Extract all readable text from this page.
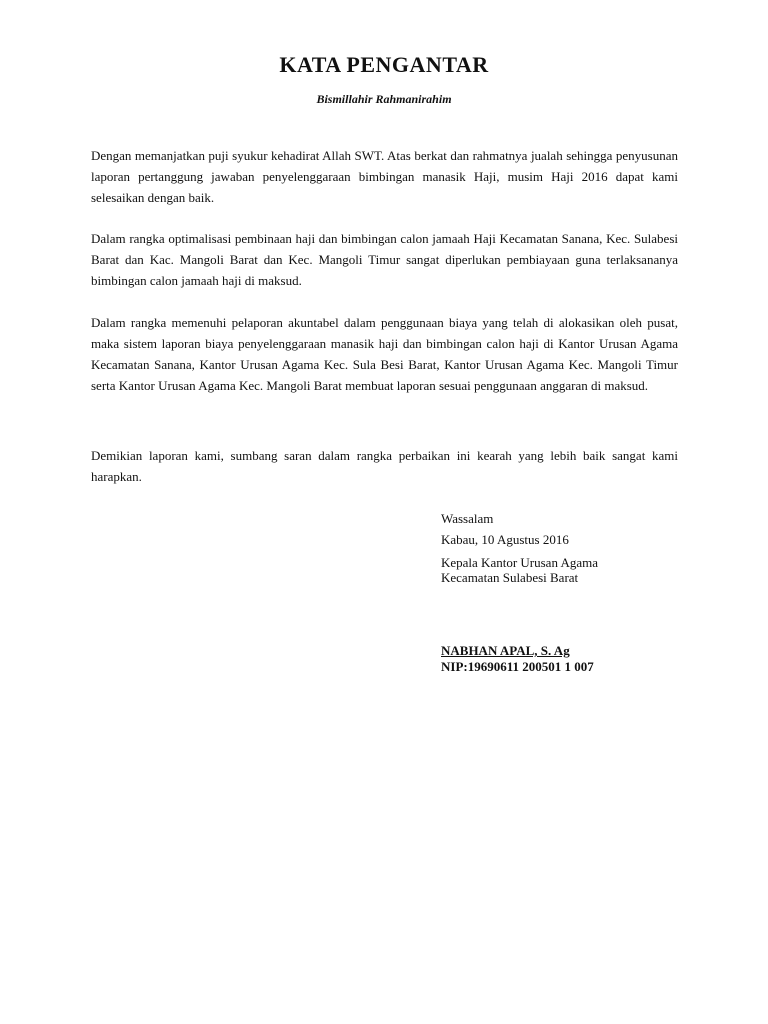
KATA PENGANTAR

Bismillahir Rahmanirahim

Dengan memanjatkan puji syukur kehadirat Allah SWT. Atas berkat dan rahmatnya jualah sehingga penyusunan laporan pertanggung jawaban penyelenggaraan bimbingan manasik Haji, musim Haji 2016 dapat kami selesaikan dengan baik.

Dalam rangka optimalisasi pembinaan haji dan bimbingan calon jamaah Haji Kecamatan Sanana, Kec. Sulabesi Barat dan Kac. Mangoli Barat dan Kec. Mangoli Timur sangat diperlukan pembiayaan guna terlaksananya bimbingan calon jamaah haji di maksud.

Dalam rangka memenuhi pelaporan akuntabel dalam penggunaan biaya yang telah di alokasikan oleh pusat, maka sistem laporan biaya penyelenggaraan manasik haji dan bimbingan calon haji di Kantor Urusan Agama Kecamatan Sanana, Kantor Urusan Agama Kec. Sula Besi Barat, Kantor Urusan Agama Kec. Mangoli Timur serta Kantor Urusan Agama Kec. Mangoli Barat membuat laporan sesuai penggunaan anggaran di maksud.

Demikian laporan kami, sumbang saran dalam rangka perbaikan ini kearah yang lebih baik sangat kami harapkan.

Wassalam

Kabau, 10 Agustus 2016

Kepala Kantor Urusan Agama

Kecamatan Sulabesi Barat

NABHAN APAL, S. Ag

NIP:19690611 200501 1 007
